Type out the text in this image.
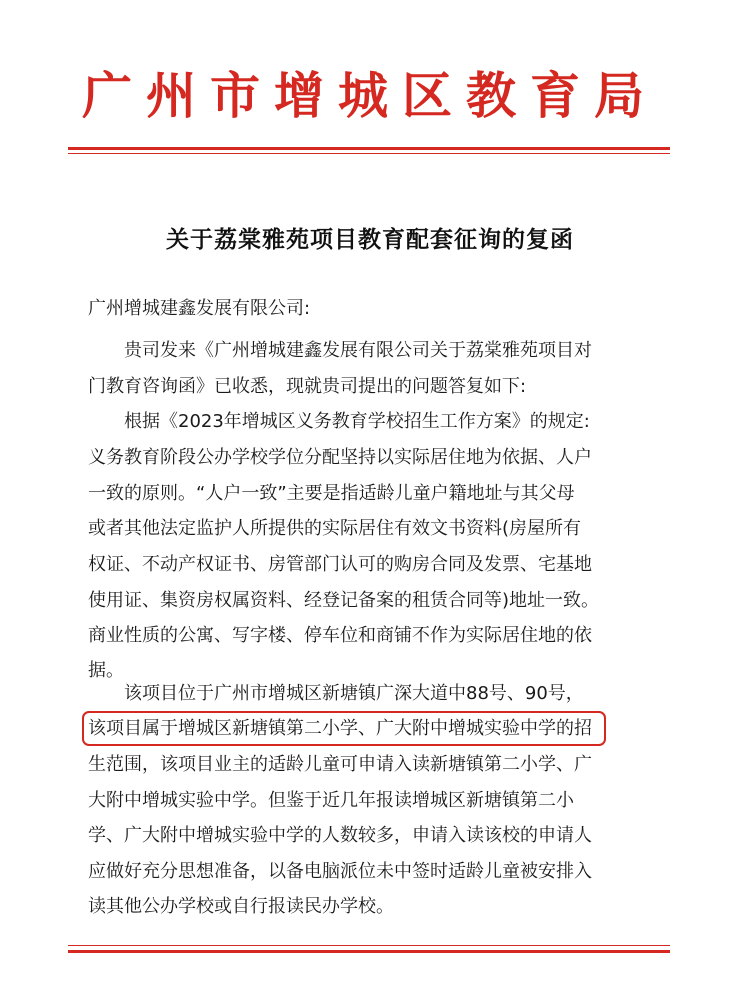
广州市增城区教育局
关于荔棠雅苑项目教育配套征询的复函
广州增城建鑫发展有限公司:
　　贵司发来《广州增城建鑫发展有限公司关于荔棠雅苑项目对
门教育咨询函》已收悉，现就贵司提出的问题答复如下:
　　根据《2023年增城区义务教育学校招生工作方案》的规定:
义务教育阶段公办学校学位分配坚持以实际居住地为依据、人户
一致的原则。“人户一致”主要是指适龄儿童户籍地址与其父母
或者其他法定监护人所提供的实际居住有效文书资料(房屋所有
权证、不动产权证书、房管部门认可的购房合同及发票、宅基地
使用证、集资房权属资料、经登记备案的租赁合同等)地址一致。
商业性质的公寓、写字楼、停车位和商铺不作为实际居住地的依
据。
　　该项目位于广州市增城区新塘镇广深大道中88号、90号，
该项目属于增城区新塘镇第二小学、广大附中增城实验中学的招
生范围，该项目业主的适龄儿童可申请入读新塘镇第二小学、广
大附中增城实验中学。但鉴于近几年报读增城区新塘镇第二小
学、广大附中增城实验中学的人数较多，申请入读该校的申请人
应做好充分思想准备，以备电脑派位未中签时适龄儿童被安排入
读其他公办学校或自行报读民办学校。
